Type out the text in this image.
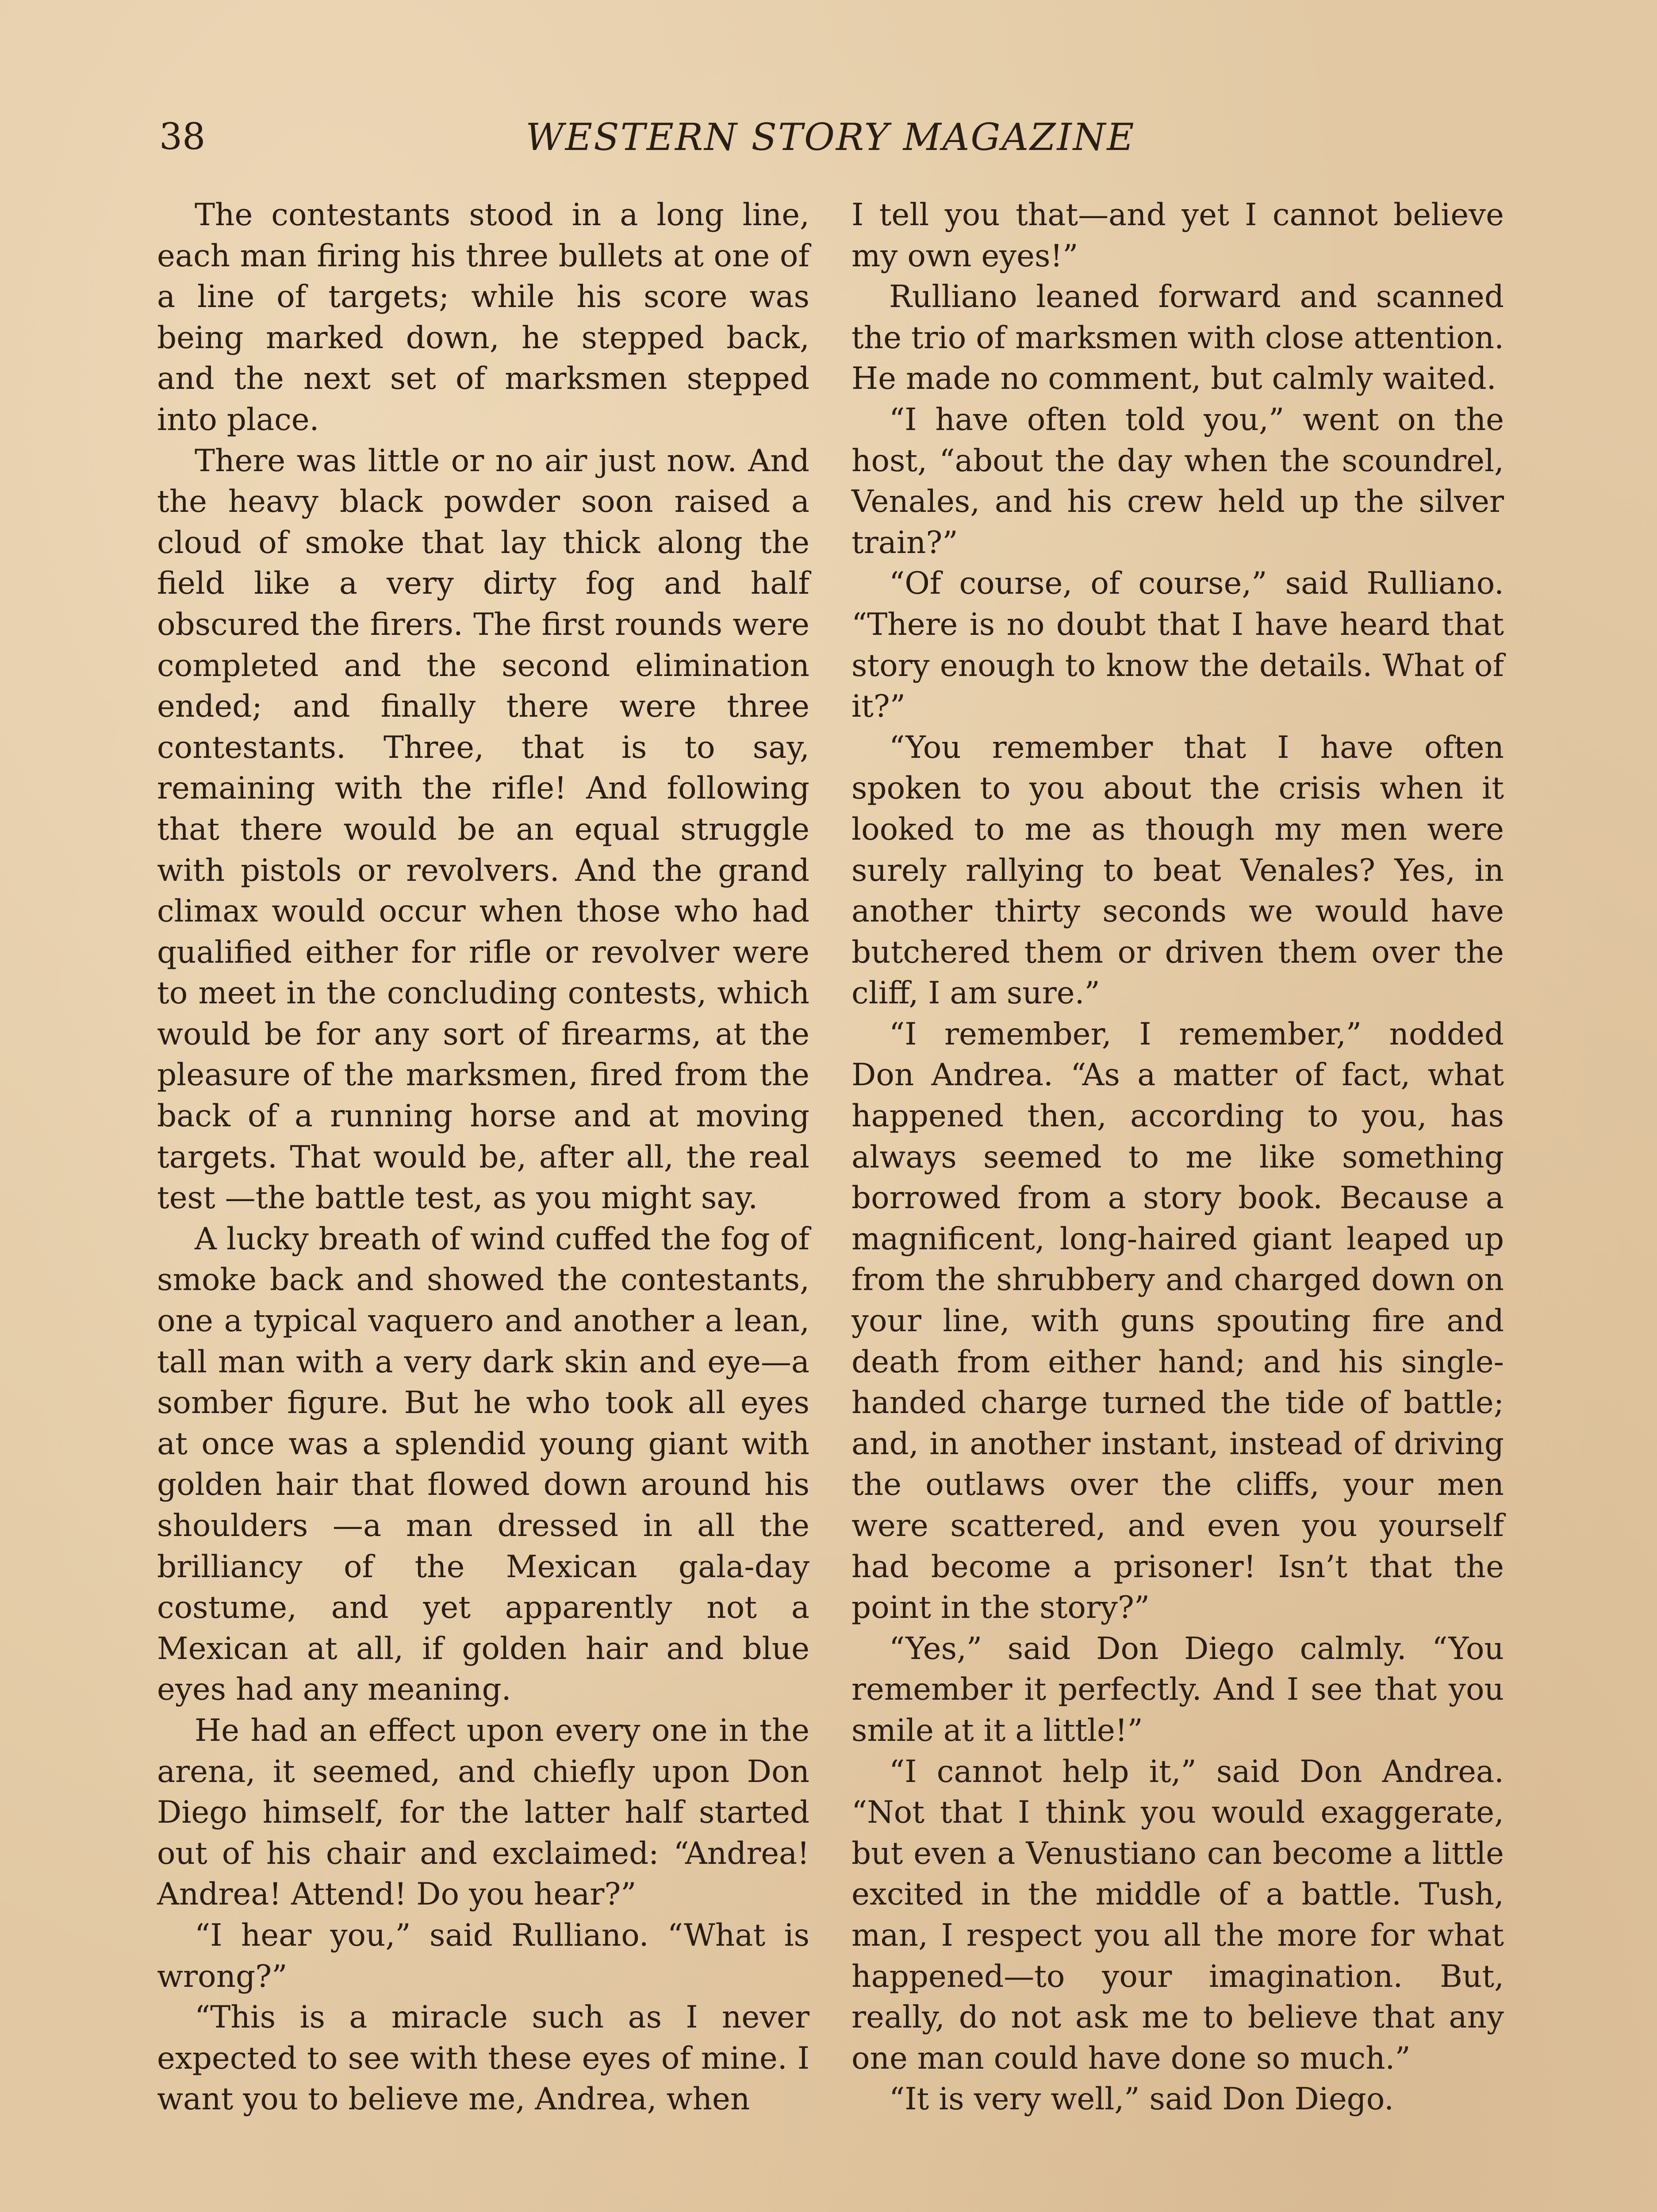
38	WESTERN STORY MAGAZINE

The contestants stood in a long line, each man firing his three bullets at one of a line of targets; while his score was being marked down, he stepped back, and the next set of marksmen stepped into place.

There was little or no air just now. And the heavy black powder soon raised a cloud of smoke that lay thick along the field like a very dirty fog and half obscured the firers. The first rounds were completed and the second elimination ended; and finally there were three contestants. Three, that is to say, remaining with the rifle! And following that there would be an equal struggle with pistols or revolvers. And the grand climax would occur when those who had qualified either for rifle or revolver were to meet in the concluding contests, which would be for any sort of firearms, at the pleasure of the marksmen, fired from the back of a running horse and at moving targets. That would be, after all, the real test —the battle test, as you might say.

A lucky breath of wind cuffed the fog of smoke back and showed the contestants, one a typical vaquero and another a lean, tall man with a very dark skin and eye—a somber figure. But he who took all eyes at once was a splendid young giant with golden hair that flowed down around his shoulders —a man dressed in all the brilliancy of the Mexican gala-day costume, and yet apparently not a Mexican at all, if golden hair and blue eyes had any meaning.

He had an effect upon every one in the arena, it seemed, and chiefly upon Don Diego himself, for the latter half started out of his chair and exclaimed: “Andrea! Andrea! Attend! Do you hear?”

“I hear you,” said Rulliano. “What is wrong?”

“This is a miracle such as I never expected to see with these eyes of mine. I want you to believe me, Andrea, when

I tell you that—and yet I cannot believe my own eyes!”

Rulliano leaned forward and scanned the trio of marksmen with close attention. He made no comment, but calmly waited.

“I have often told you,” went on the host, “about the day when the scoundrel, Venales, and his crew held up the silver train?”

“Of course, of course,” said Rulliano. “There is no doubt that I have heard that story enough to know the details. What of it?”

“You remember that I have often spoken to you about the crisis when it looked to me as though my men were surely rallying to beat Venales? Yes, in another thirty seconds we would have butchered them or driven them over the cliff, I am sure.”

“I remember, I remember,” nodded Don Andrea. “As a matter of fact, what happened then, according to you, has always seemed to me like something borrowed from a story book. Because a magnificent, long-haired giant leaped up from the shrubbery and charged down on your line, with guns spouting fire and death from either hand; and his single-handed charge turned the tide of battle; and, in another instant, instead of driving the outlaws over the cliffs, your men were scattered, and even you yourself had become a prisoner! Isn’t that the point in the story?”

“Yes,” said Don Diego calmly. “You remember it perfectly. And I see that you smile at it a little!”

“I cannot help it,” said Don Andrea. “Not that I think you would exaggerate, but even a Venustiano can become a little excited in the middle of a battle. Tush, man, I respect you all the more for what happened—to your imagination. But, really, do not ask me to believe that any one man could have done so much.”

“It is very well,” said Don Diego.
